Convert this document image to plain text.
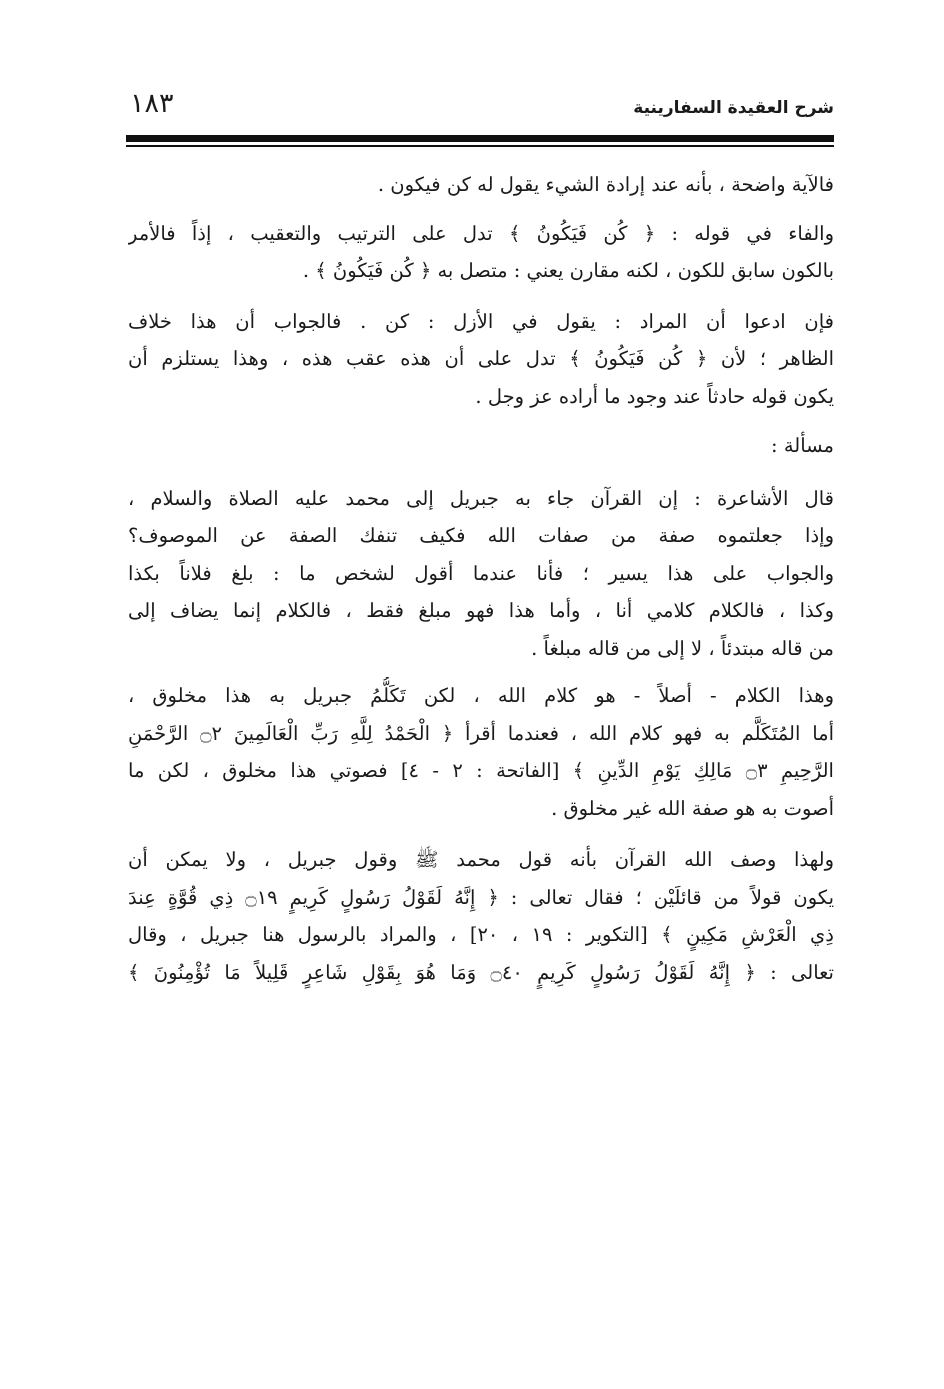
شرح العقيدة السفارينية
١٨٣
فالآية واضحة ، بأنه عند إرادة الشيء يقول له كن فيكون .
والفاء في قوله : ﴿ كُن فَيَكُونُ ﴾ تدل على الترتيب والتعقيب ، إذاً فالأمر
بالكون سابق للكون ، لكنه مقارن يعني : متصل به ﴿ كُن فَيَكُونُ ﴾ .
فإن ادعوا أن المراد : يقول في الأزل : كن . فالجواب أن هذا خلاف
الظاهر ؛ لأن ﴿ كُن فَيَكُونُ ﴾ تدل على أن هذه عقب هذه ، وهذا يستلزم أن
يكون قوله حادثاً عند وجود ما أراده عز وجل .
مسألة :
قال الأشاعرة : إن القرآن جاء به جبريل إلى محمد عليه الصلاة والسلام ،
وإذا جعلتموه صفة من صفات الله فكيف تنفك الصفة عن الموصوف؟
والجواب على هذا يسير ؛ فأنا عندما أقول لشخص ما : بلغ فلاناً بكذا
وكذا ، فالكلام كلامي أنا ، وأما هذا فهو مبلغ فقط ، فالكلام إنما يضاف إلى
من قاله مبتدئاً ، لا إلى من قاله مبلغاً .
وهذا الكلام - أصلاً - هو كلام الله ، لكن تَكَلُّمُ جبريل به هذا مخلوق ،
أما المُتَكَلَّم به فهو كلام الله ، فعندما أقرأ ﴿ الْحَمْدُ لِلَّهِ رَبِّ الْعَالَمِينَ ۝٢ الرَّحْمَنِ
الرَّحِيمِ ۝٣ مَالِكِ يَوْمِ الدِّينِ ﴾ [الفاتحة : ٢ - ٤] فصوتي هذا مخلوق ، لكن ما
أصوت به هو صفة الله غير مخلوق .
ولهذا وصف الله القرآن بأنه قول محمد ﷺ وقول جبريل ، ولا يمكن أن
يكون قولاً من قائلَيْن ؛ فقال تعالى : ﴿ إِنَّهُ لَقَوْلُ رَسُولٍ كَرِيمٍ ۝١٩ ذِي قُوَّةٍ عِندَ
ذِي الْعَرْشِ مَكِينٍ ﴾ [التكوير : ١٩ ، ٢٠] ، والمراد بالرسول هنا جبريل ، وقال
تعالى : ﴿ إِنَّهُ لَقَوْلُ رَسُولٍ كَرِيمٍ ۝٤٠ وَمَا هُوَ بِقَوْلِ شَاعِرٍ قَلِيلاً مَا تُؤْمِنُونَ ﴾
